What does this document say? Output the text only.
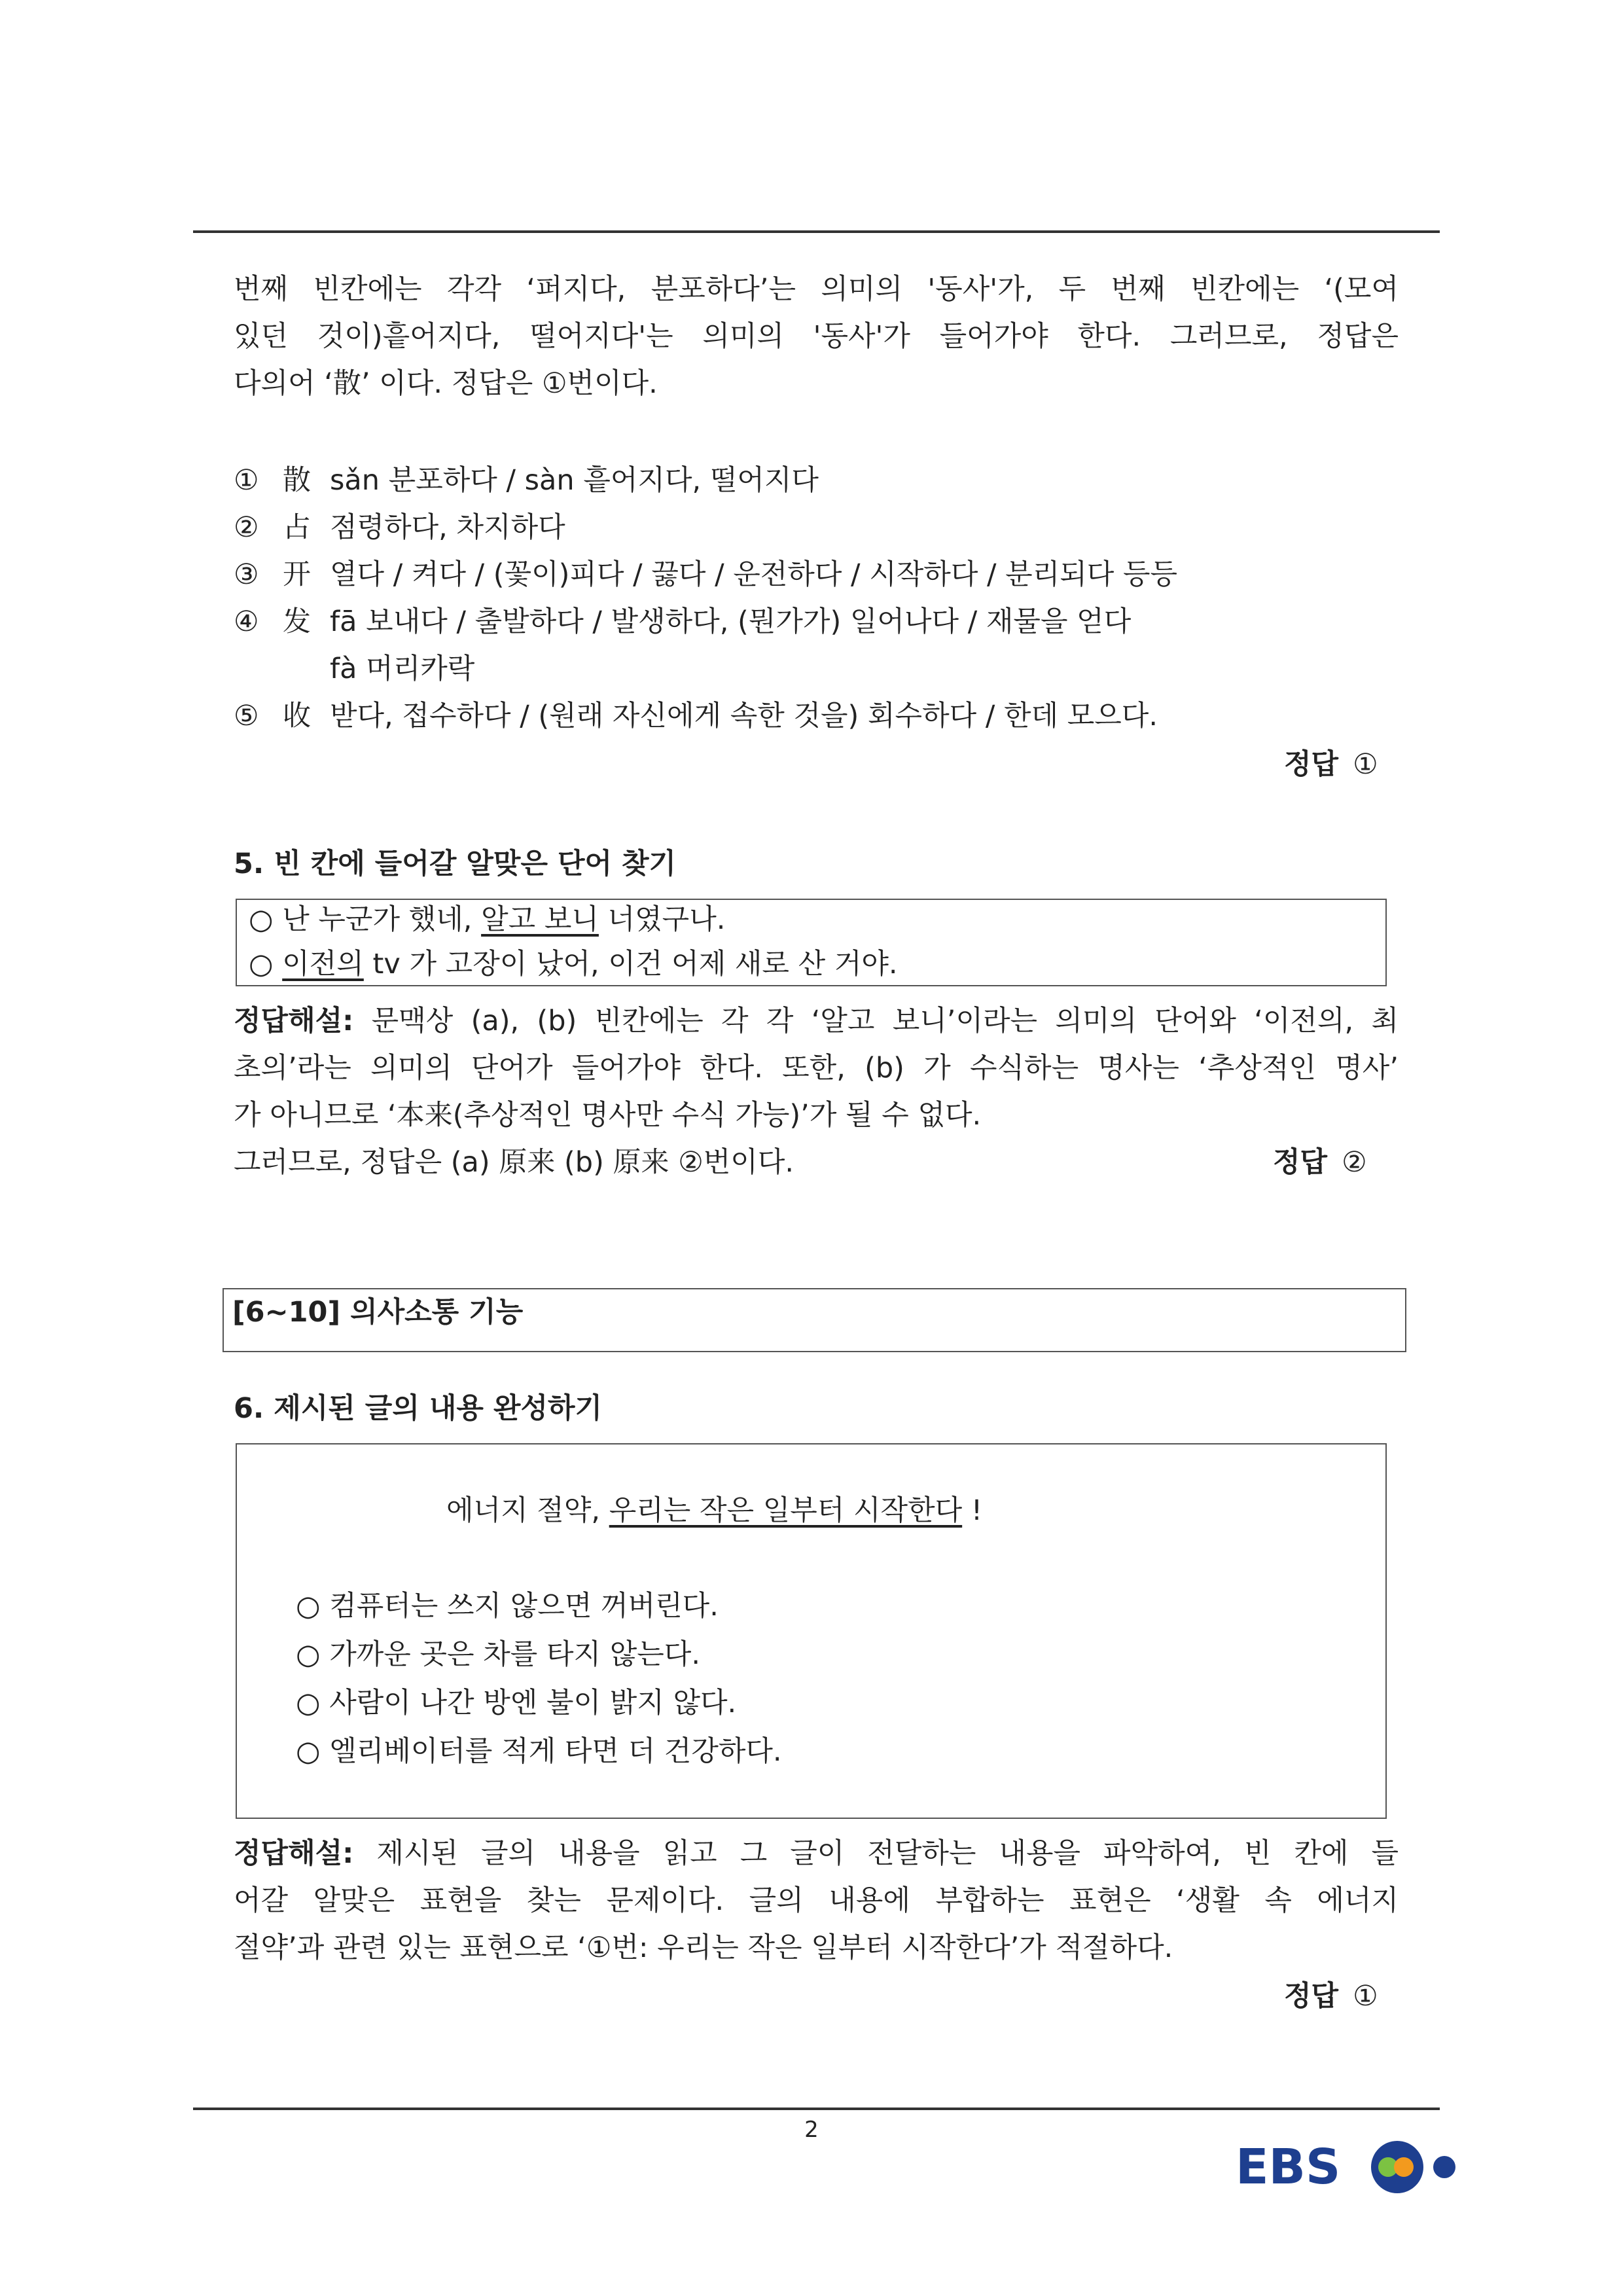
번째 빈칸에는 각각 ‘퍼지다, 분포하다’는 의미의 '동사'가, 두 번째 빈칸에는 ‘(모여
있던 것이)흩어지다, 떨어지다'는 의미의 '동사'가 들어가야 한다. 그러므로, 정답은
다의어 ‘散’ 이다. 정답은 ①번이다.
① 散 sǎn 분포하다 / sàn 흩어지다, 떨어지다
② 占 점령하다, 차지하다
③ 开 열다 / 켜다 / (꽃이)피다 / 끓다 / 운전하다 / 시작하다 / 분리되다 등등
④ 发 fā 보내다 / 출발하다 / 발생하다, (뭔가가) 일어나다 / 재물을 얻다
fà 머리카락
⑤ 收 받다, 접수하다 / (원래 자신에게 속한 것을) 회수하다 / 한데 모으다.
정답 ①
5. 빈 칸에 들어갈 알맞은 단어 찾기
○ 난 누군가 했네, 알고 보니 너였구나.
○ 이전의 tv 가 고장이 났어, 이건 어제 새로 산 거야.
정답해설: 문맥상 (a), (b) 빈칸에는 각 각 ‘알고 보니’이라는 의미의 단어와 ‘이전의, 최
초의’라는 의미의 단어가 들어가야 한다. 또한, (b) 가 수식하는 명사는 ‘추상적인 명사’
가 아니므로 ‘本来(추상적인 명사만 수식 가능)’가 될 수 없다.
그러므로, 정답은 (a) 原来 (b) 原来 ②번이다.	정답 ②
[6~10] 의사소통 기능
6. 제시된 글의 내용 완성하기
에너지 절약, 우리는 작은 일부터 시작한다 !
○ 컴퓨터는 쓰지 않으면 꺼버린다.
○ 가까운 곳은 차를 타지 않는다.
○ 사람이 나간 방엔 불이 밝지 않다.
○ 엘리베이터를 적게 타면 더 건강하다.
정답해설: 제시된 글의 내용을 읽고 그 글이 전달하는 내용을 파악하여, 빈 칸에 들
어갈 알맞은 표현을 찾는 문제이다. 글의 내용에 부합하는 표현은 ‘생활 속 에너지
절약’과 관련 있는 표현으로 ‘①번: 우리는 작은 일부터 시작한다’가 적절하다.
정답 ①
2
EBS
